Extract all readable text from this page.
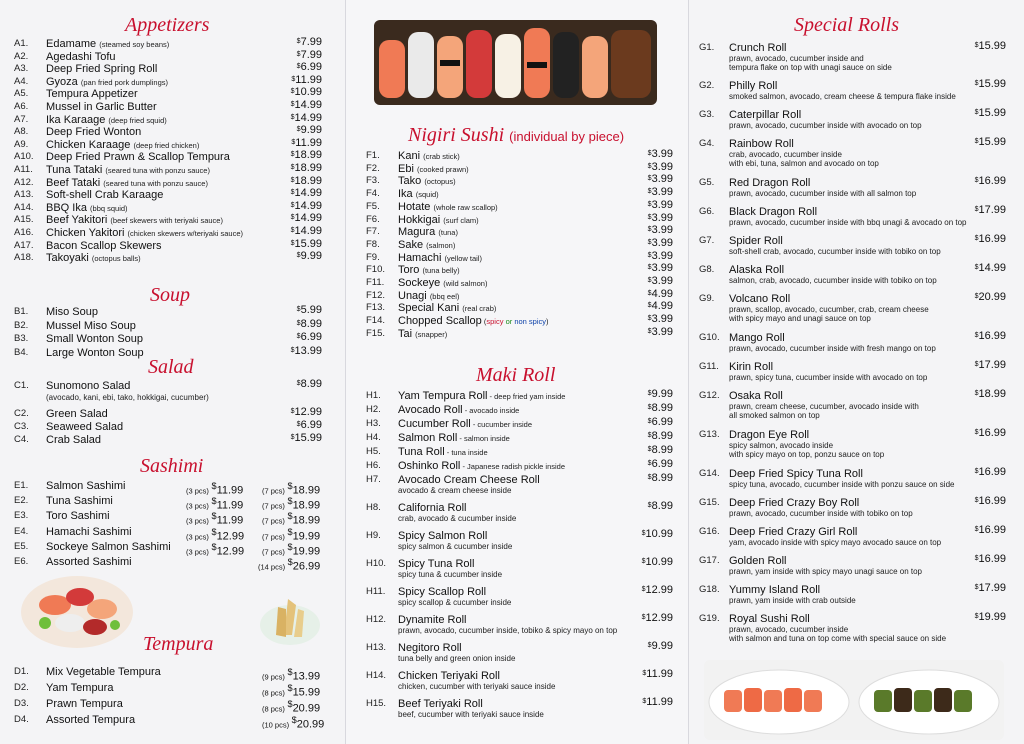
Appetizers
A1. Edamame (steamed soy beans)	$7.99
A2. Agedashi Tofu	$7.99
A3. Deep Fried Spring Roll	$6.99
A4. Gyoza (pan fried pork dumplings)	$11.99
A5. Tempura Appetizer	$10.99
A6. Mussel in Garlic Butter	$14.99
A7. Ika Karaage (deep fried squid)	$14.99
A8. Deep Fried Wonton	$9.99
A9. Chicken Karaage (deep fried chicken)	$11.99
A10. Deep Fried Prawn & Scallop Tempura	$18.99
A11. Tuna Tataki (seared tuna with ponzu sauce)	$18.99
A12. Beef Tataki (seared tuna with ponzu sauce)	$18.99
A13. Soft-shell Crab Karaage	$14.99
A14. BBQ Ika (bbq squid)	$14.99
A15. Beef Yakitori (beef skewers with teriyaki sauce)	$14.99
A16. Chicken Yakitori (chicken skewers w/teriyaki sauce)	$14.99
A17. Bacon Scallop Skewers	$15.99
A18. Takoyaki (octopus balls)	$9.99
Soup
B1. Miso Soup	$5.99
B2. Mussel Miso Soup	$8.99
B3. Small Wonton Soup	$6.99
B4. Large Wonton Soup	$13.99
Salad
C1. Sunomono Salad
(avocado, kani, ebi, tako, hokkigai, cucumber)
$8.99
C2. Green Salad	$12.99
C3. Seaweed Salad	$6.99
C4. Crab Salad	$15.99
Sashimi
E1. Salmon Sashimi	(3 pcs) $11.99 (7 pcs) $18.99
E2. Tuna Sashimi	(3 pcs) $11.99 (7 pcs) $18.99
E3. Toro Sashimi	(3 pcs) $11.99 (7 pcs) $18.99
E4. Hamachi Sashimi	(3 pcs) $12.99 (7 pcs) $19.99
E5. Sockeye Salmon Sashimi (3 pcs) $12.99 (7 pcs) $19.99
E6. Assorted Sashimi	(14 pcs) $26.99
Tempura
D1. Mix Vegetable Tempura	(9 pcs) $13.99
D2. Yam Tempura	(8 pcs) $15.99
D3. Prawn Tempura	(8 pcs) $20.99
D4. Assorted Tempura	(10 pcs) $20.99
Nigiri Sushi (individual by piece)
F1. Kani (crab stick)	$3.99
F2. Ebi (cooked prawn)	$3.99
F3. Tako (octopus)	$3.99
F4. Ika (squid)	$3.99
F5. Hotate (whole raw scallop)	$3.99
F6. Hokkigai (surf clam)	$3.99
F7. Magura (tuna)	$3.99
F8. Sake (salmon)	$3.99
F9. Hamachi (yellow tail)	$3.99
F10. Toro (tuna belly)	$3.99
F11. Sockeye (wild salmon)	$3.99
F12. Unagi (bbq eel)	$4.99
F13. Special Kani (real crab)	$4.99
F14. Chopped Scallop (spicy or non spicy)	$3.99
F15. Tai (snapper)	$3.99
Maki Roll
H1. Yam Tempura Roll - deep fried yam inside	$9.99
H2. Avocado Roll - avocado inside	$8.99
H3. Cucumber Roll - cucumber inside	$6.99
H4. Salmon Roll - salmon inside	$8.99
H5. Tuna Roll - tuna inside	$8.99
H6. Oshinko Roll - Japanese radish pickle inside	$6.99
H7. Avocado Cream Cheese Roll
avocado & cream cheese inside
$8.99
H8. California Roll
crab, avocado & cucumber inside
$8.99
H9. Spicy Salmon Roll
spicy salmon & cucumber inside
$10.99
H10. Spicy Tuna Roll
spicy tuna & cucumber inside
$10.99
H11. Spicy Scallop Roll
spicy scallop & cucumber inside
$12.99
H12. Dynamite Roll
prawn, avocado, cucumber inside, tobiko & spicy mayo on top
$12.99
H13. Negitoro Roll
tuna belly and green onion inside
$9.99
H14. Chicken Teriyaki Roll
chicken, cucumber with teriyaki sauce inside
$11.99
H15. Beef Teriyaki Roll
beef, cucumber with teriyaki sauce inside
$11.99
Special Rolls
G1. Crunch Roll
prawn, avocado, cucumber inside and
tempura flake on top with unagi sauce on side
$15.99
G2. Philly Roll
smoked salmon, avocado, cream cheese & tempura flake inside
$15.99
G3. Caterpillar Roll
prawn, avocado, cucumber inside with avocado on top
$15.99
G4. Rainbow Roll
crab, avocado, cucumber inside
with ebi, tuna, salmon and avocado on top
$15.99
G5. Red Dragon Roll
prawn, avocado, cucumber inside with all salmon top
$16.99
G6. Black Dragon Roll
prawn, avocado, cucumber inside with bbq unagi & avocado on top
$17.99
G7. Spider Roll
soft-shell crab, avocado, cucumber inside with tobiko on top
$16.99
G8. Alaska Roll
salmon, crab, avocado, cucumber inside with tobiko on top
$14.99
G9. Volcano Roll
prawn, scallop, avocado, cucumber, crab, cream cheese
with spicy mayo and unagi sauce on top
$20.99
G10. Mango Roll
prawn, avocado, cucumber inside with fresh mango on top
$16.99
G11. Kirin Roll
prawn, spicy tuna, cucumber inside with avocado on top
$17.99
G12. Osaka Roll
prawn, cream cheese, cucumber, avocado inside with
all smoked salmon on top
$18.99
G13. Dragon Eye Roll
spicy salmon, avocado inside
with spicy mayo on top, ponzu sauce on top
$16.99
G14. Deep Fried Spicy Tuna Roll
spicy tuna, avocado, cucumber inside with ponzu sauce on side
$16.99
G15. Deep Fried Crazy Boy Roll
prawn, avocado, cucumber inside with tobiko on top
$16.99
G16. Deep Fried Crazy Girl Roll
yam, avocado inside with spicy mayo avocado sauce on top
$16.99
G17. Golden Roll
prawn, yam inside with spicy mayo unagi sauce on top
$16.99
G18. Yummy Island Roll
prawn, yam inside with crab outside
$17.99
G19. Royal Sushi Roll
prawn, avocado, cucumber inside
with salmon and tuna on top come with special sauce on side
$19.99
